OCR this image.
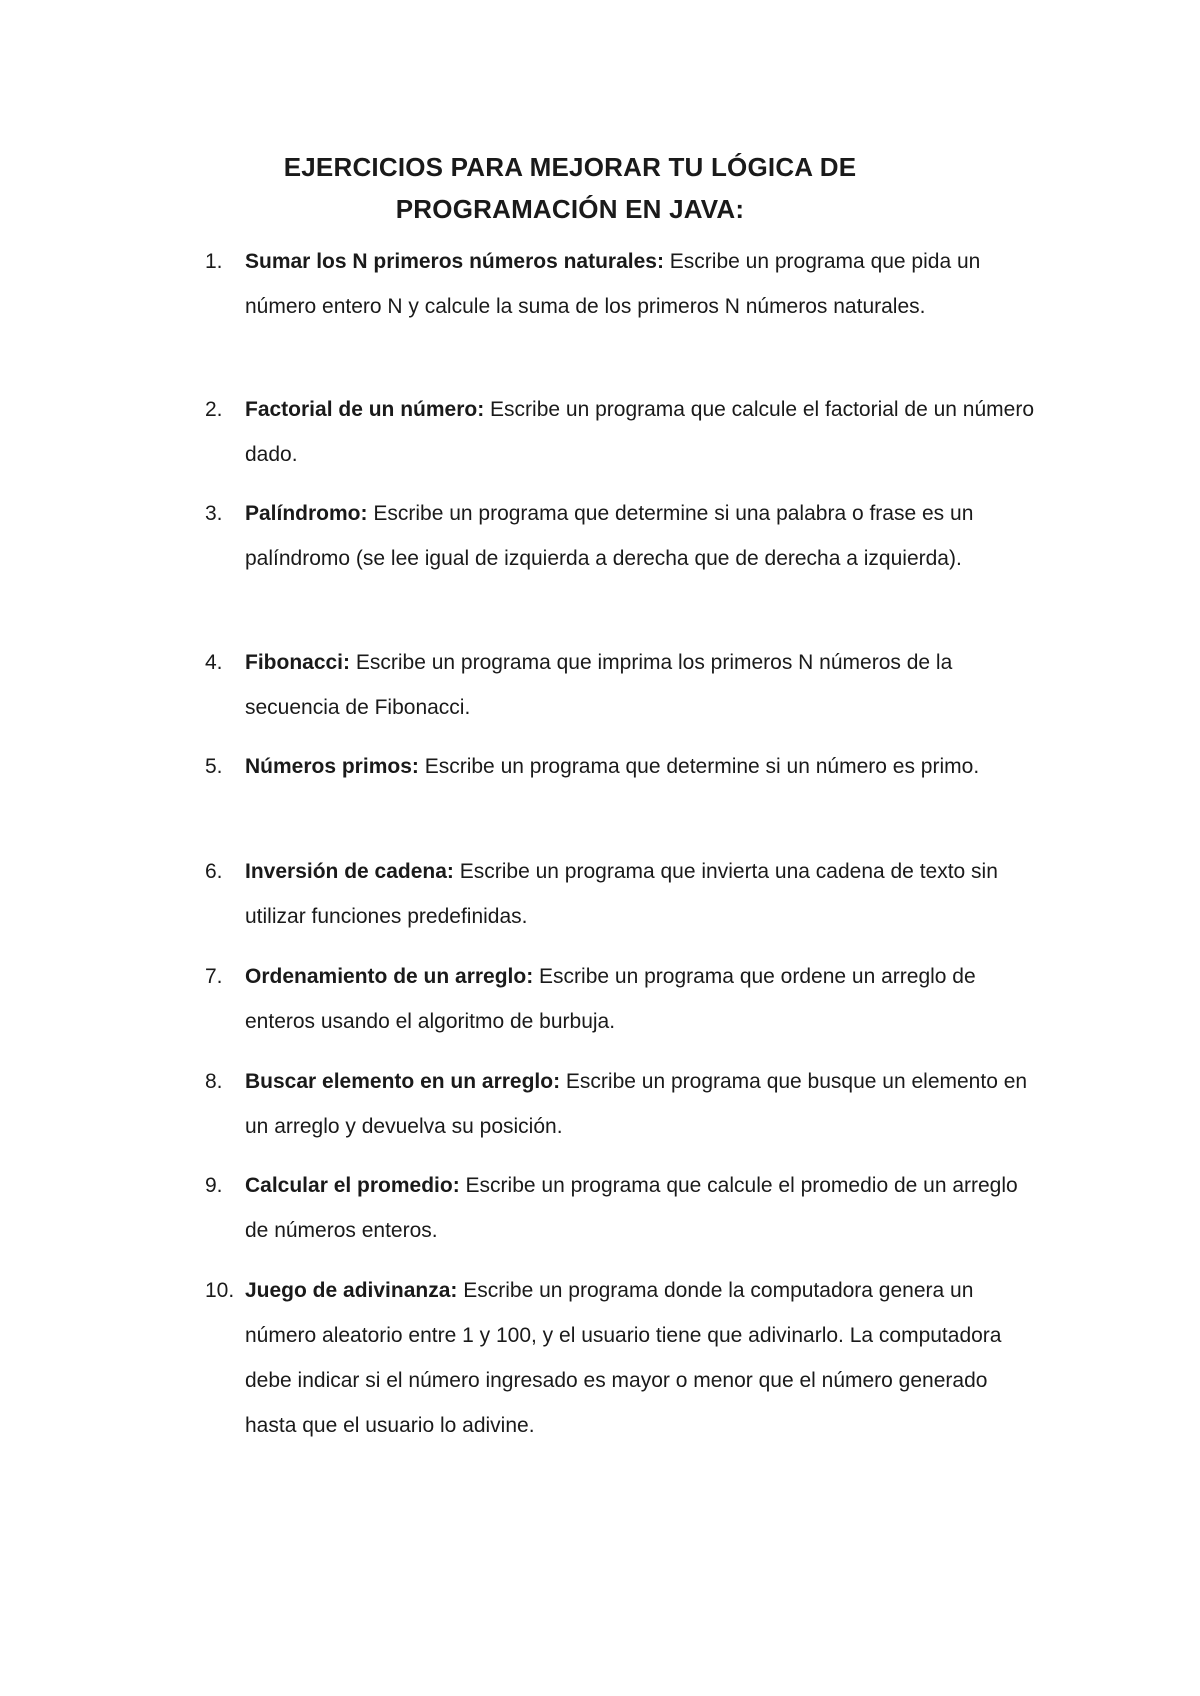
EJERCICIOS PARA MEJORAR TU LÓGICA DE
PROGRAMACIÓN EN JAVA:
1.	Sumar los N primeros números naturales: Escribe un programa que pida un número entero N y calcule la suma de los primeros N números naturales.
2.	Factorial de un número: Escribe un programa que calcule el factorial de un número dado.
3.	Palíndromo: Escribe un programa que determine si una palabra o frase es un palíndromo (se lee igual de izquierda a derecha que de derecha a izquierda).
4.	Fibonacci: Escribe un programa que imprima los primeros N números de la secuencia de Fibonacci.
5.	Números primos: Escribe un programa que determine si un número es primo.
6.	Inversión de cadena: Escribe un programa que invierta una cadena de texto sin utilizar funciones predefinidas.
7.	Ordenamiento de un arreglo: Escribe un programa que ordene un arreglo de enteros usando el algoritmo de burbuja.
8.	Buscar elemento en un arreglo: Escribe un programa que busque un elemento en un arreglo y devuelva su posición.
9.	Calcular el promedio: Escribe un programa que calcule el promedio de un arreglo de números enteros.
10. Juego de adivinanza: Escribe un programa donde la computadora genera un número aleatorio entre 1 y 100, y el usuario tiene que adivinarlo. La computadora debe indicar si el número ingresado es mayor o menor que el número generado hasta que el usuario lo adivine.
